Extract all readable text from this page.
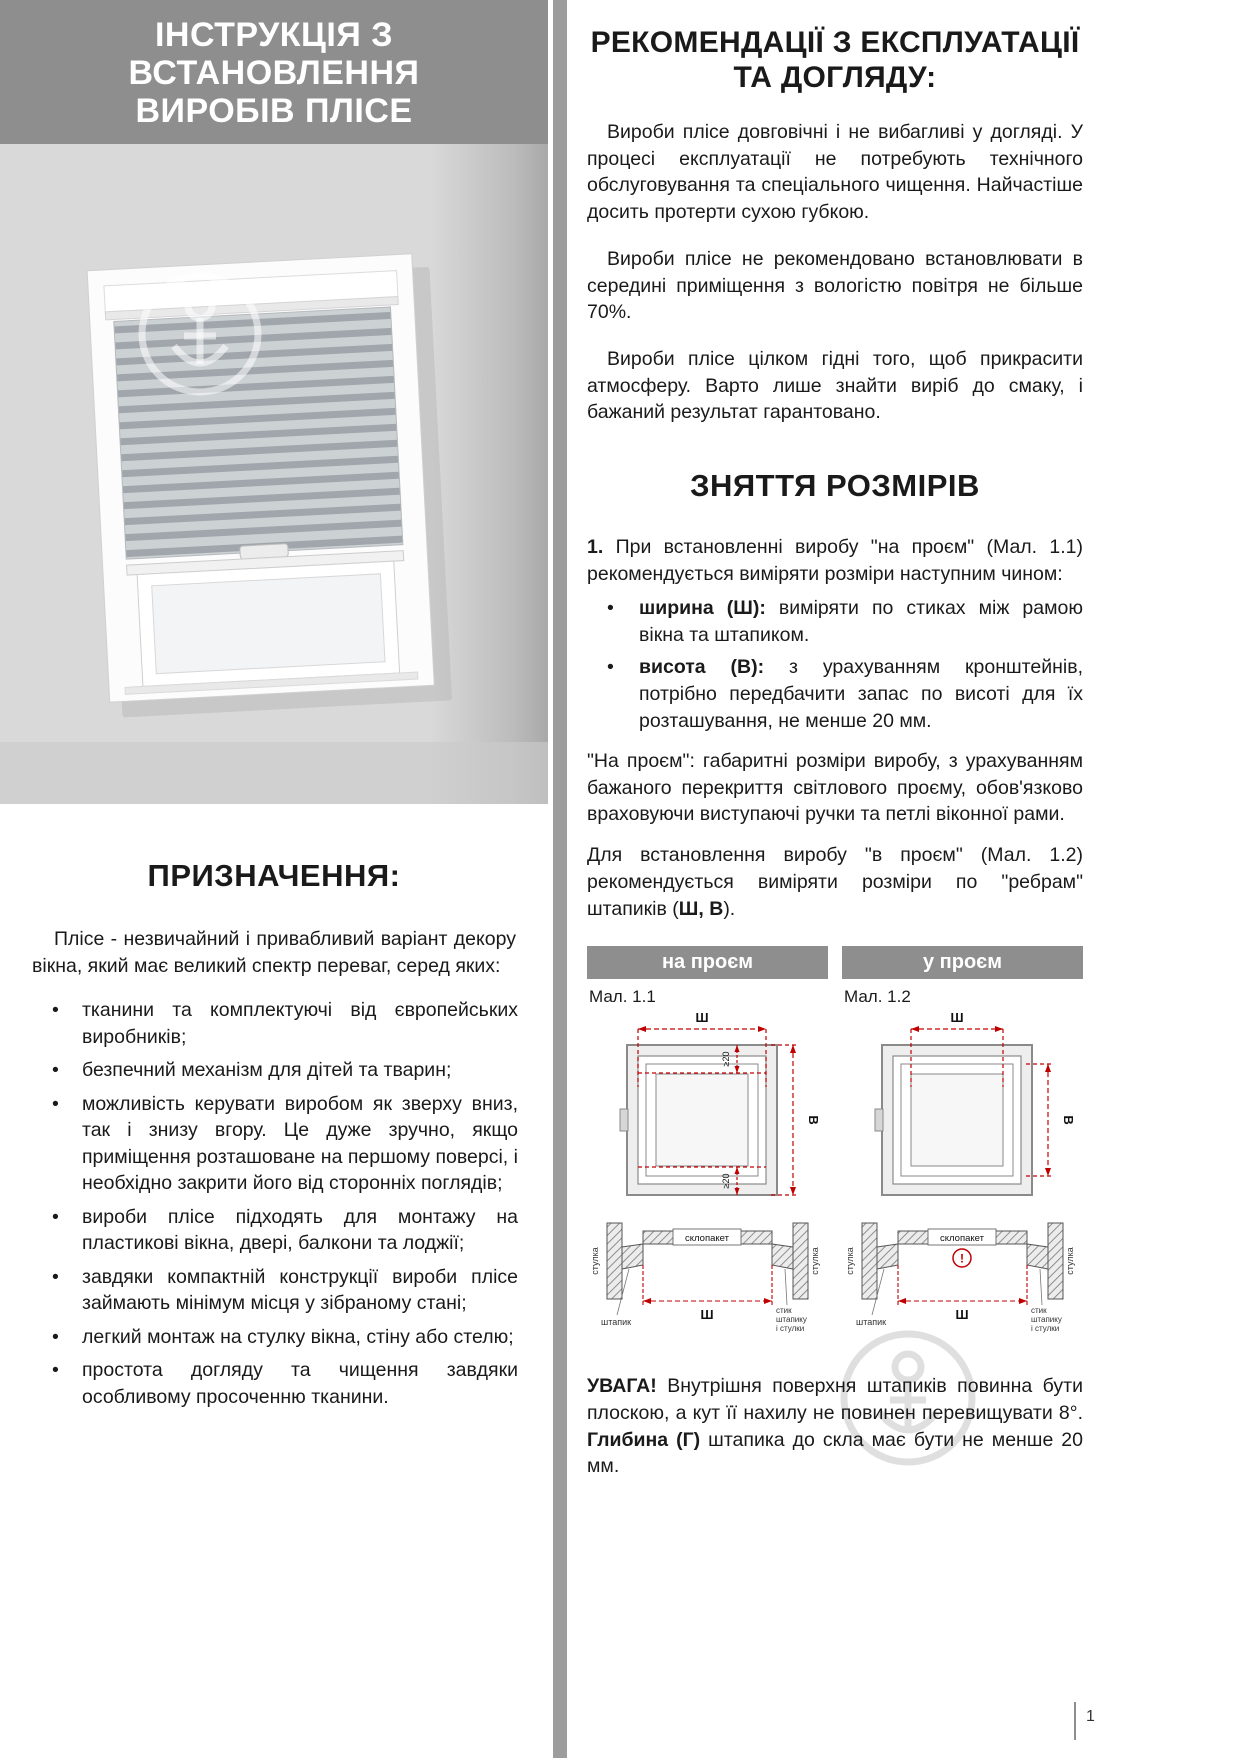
ІНСТРУКЦІЯ З ВСТАНОВЛЕННЯ
ВИРОБІВ ПЛІСЕ
ПРИЗНАЧЕННЯ:

Плісе - незвичайний і привабливий варіант декору вікна, який має великий спектр переваг, серед яких:

• тканини та комплектуючі від європейських виробників;
• безпечний механізм для дітей та тварин;
• можливість керувати виробом як зверху вниз, так і знизу вгору. Це дуже зручно, якщо приміщення розташоване на першому поверсі, і необхідно закрити його від сторонніх поглядів;
• вироби плісе підходять для монтажу на пластикові вікна, двері, балкони та лоджії;
• завдяки компактній конструкції вироби плісе займають мінімум місця у зібраному стані;
• легкий монтаж на стулку вікна, стіну або стелю;
• простота догляду та чищення завдяки особливому просоченню тканини.
РЕКОМЕНДАЦІЇ З ЕКСПЛУАТАЦІЇ
ТА ДОГЛЯДУ:

Вироби плісе довговічні і не вибагливі у догляді. У процесі експлуатації не потребують технічного обслуговування та спеціального чищення. Найчастіше досить протерти сухою губкою.

Вироби плісе не рекомендовано встановлювати в середині приміщення з вологістю повітря не більше 70%.

Вироби плісе цілком гідні того, щоб прикрасити атмосферу. Варто лише знайти виріб до смаку, і бажаний результат гарантовано.

ЗНЯТТЯ РОЗМІРІВ

1. При встановленні виробу "на проєм" (Мал. 1.1) рекомендується виміряти розміри наступним чином:

• ширина (Ш): виміряти по стиках між рамою вікна та штапиком.
• висота (В): з урахуванням кронштейнів, потрібно передбачити запас по висоті для їх розташування, не менше 20 мм.

"На проєм": габаритні розміри виробу, з урахуванням бажаного перекриття світлового проєму, обов'язково враховуючи виступаючі ручки та петлі віконної рами.

Для встановлення виробу "в проєм" (Мал. 1.2) рекомендується виміряти розміри по "ребрам" штапиків (Ш, В).

на проєм
Мал. 1.1
Ш
В
≥20
≥20
склопакет
Ш
стулка	стулка
штапик
стик
штапику
і стулки
у проєм
Мал. 1.2
Ш
В
склопакет
!
Ш
стулка	стулка
штапик
стик
штапику
і стулки

УВАГА! Внутрішня поверхня штапиків повинна бути плоскою, а кут її нахилу не повинен перевищувати 8°. Глибина (Г) штапика до скла має бути не менше 20 мм.

1
